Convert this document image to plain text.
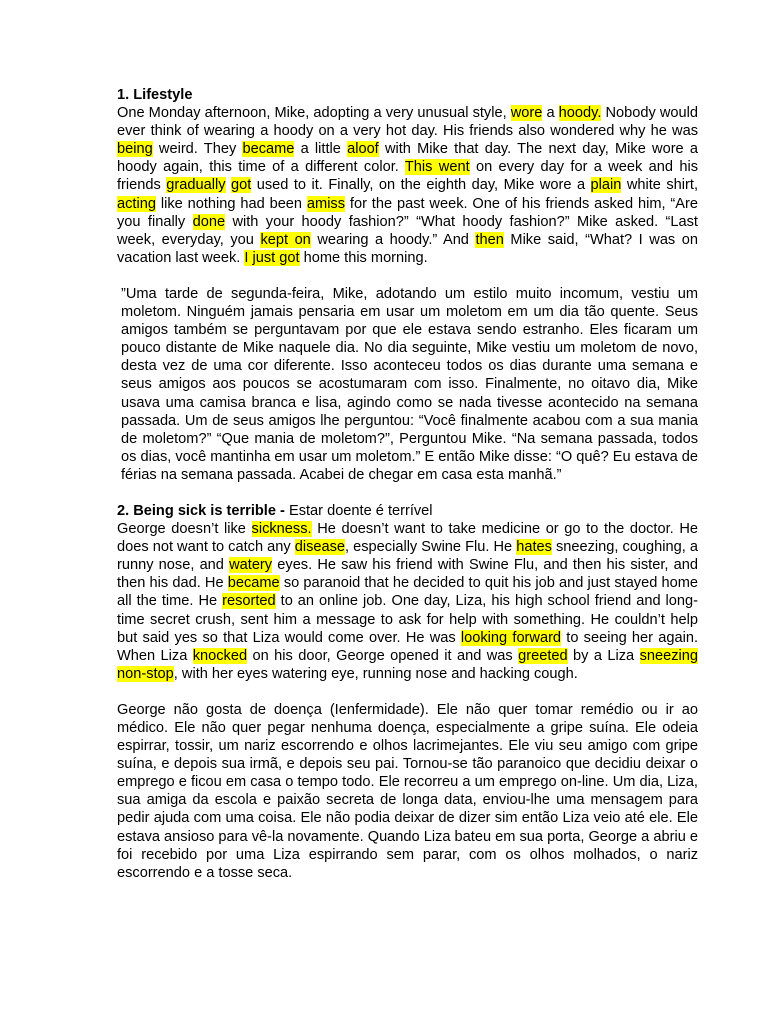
1. Lifestyle

One Monday afternoon, Mike, adopting a very unusual style, wore a hoody. Nobody would ever think of wearing a hoody on a very hot day. His friends also wondered why he was being weird. They became a little aloof with Mike that day. The next day, Mike wore a hoody again, this time of a different color. This went on every day for a week and his friends gradually got used to it. Finally, on the eighth day, Mike wore a plain white shirt, acting like nothing had been amiss for the past week. One of his friends asked him, “Are you finally done with your hoody fashion?” “What hoody fashion?” Mike asked. “Last week, everyday, you kept on wearing a hoody.” And then Mike said, “What? I was on vacation last week. I just got home this morning.

”Uma tarde de segunda-feira, Mike, adotando um estilo muito incomum, vestiu um moletom. Ninguém jamais pensaria em usar um moletom em um dia tão quente. Seus amigos também se perguntavam por que ele estava sendo estranho. Eles ficaram um pouco distante de Mike naquele dia. No dia seguinte, Mike vestiu um moletom de novo, desta vez de uma cor diferente. Isso aconteceu todos os dias durante uma semana e seus amigos aos poucos se acostumaram com isso. Finalmente, no oitavo dia, Mike usava uma camisa branca e lisa, agindo como se nada tivesse acontecido na semana passada. Um de seus amigos lhe perguntou: “Você finalmente acabou com a sua mania de moletom?” “Que mania de moletom?”, Perguntou Mike. “Na semana passada, todos os dias, você mantinha em usar um moletom.” E então Mike disse: “O quê? Eu estava de férias na semana passada. Acabei de chegar em casa esta manhã.”

2. Being sick is terrible - Estar doente é terrível

George doesn’t like sickness. He doesn’t want to take medicine or go to the doctor. He does not want to catch any disease, especially Swine Flu. He hates sneezing, coughing, a runny nose, and watery eyes. He saw his friend with Swine Flu, and then his sister, and then his dad. He became so paranoid that he decided to quit his job and just stayed home all the time. He resorted to an online job. One day, Liza, his high school friend and long-time secret crush, sent him a message to ask for help with something. He couldn’t help but said yes so that Liza would come over. He was looking forward to seeing her again. When Liza knocked on his door, George opened it and was greeted by a Liza sneezing non-stop, with her eyes watering eye, running nose and hacking cough.

George não gosta de doença (Ienfermidade). Ele não quer tomar remédio ou ir ao médico. Ele não quer pegar nenhuma doença, especialmente a gripe suína. Ele odeia espirrar, tossir, um nariz escorrendo e olhos lacrimejantes. Ele viu seu amigo com gripe suína, e depois sua irmã, e depois seu pai. Tornou-se tão paranoico que decidiu deixar o emprego e ficou em casa o tempo todo. Ele recorreu a um emprego on-line. Um dia, Liza, sua amiga da escola e paixão secreta de longa data, enviou-lhe uma mensagem para pedir ajuda com uma coisa. Ele não podia deixar de dizer sim então Liza veio até ele. Ele estava ansioso para vê-la novamente. Quando Liza bateu em sua porta, George a abriu e foi recebido por uma Liza espirrando sem parar, com os olhos molhados, o nariz escorrendo e a tosse seca.
